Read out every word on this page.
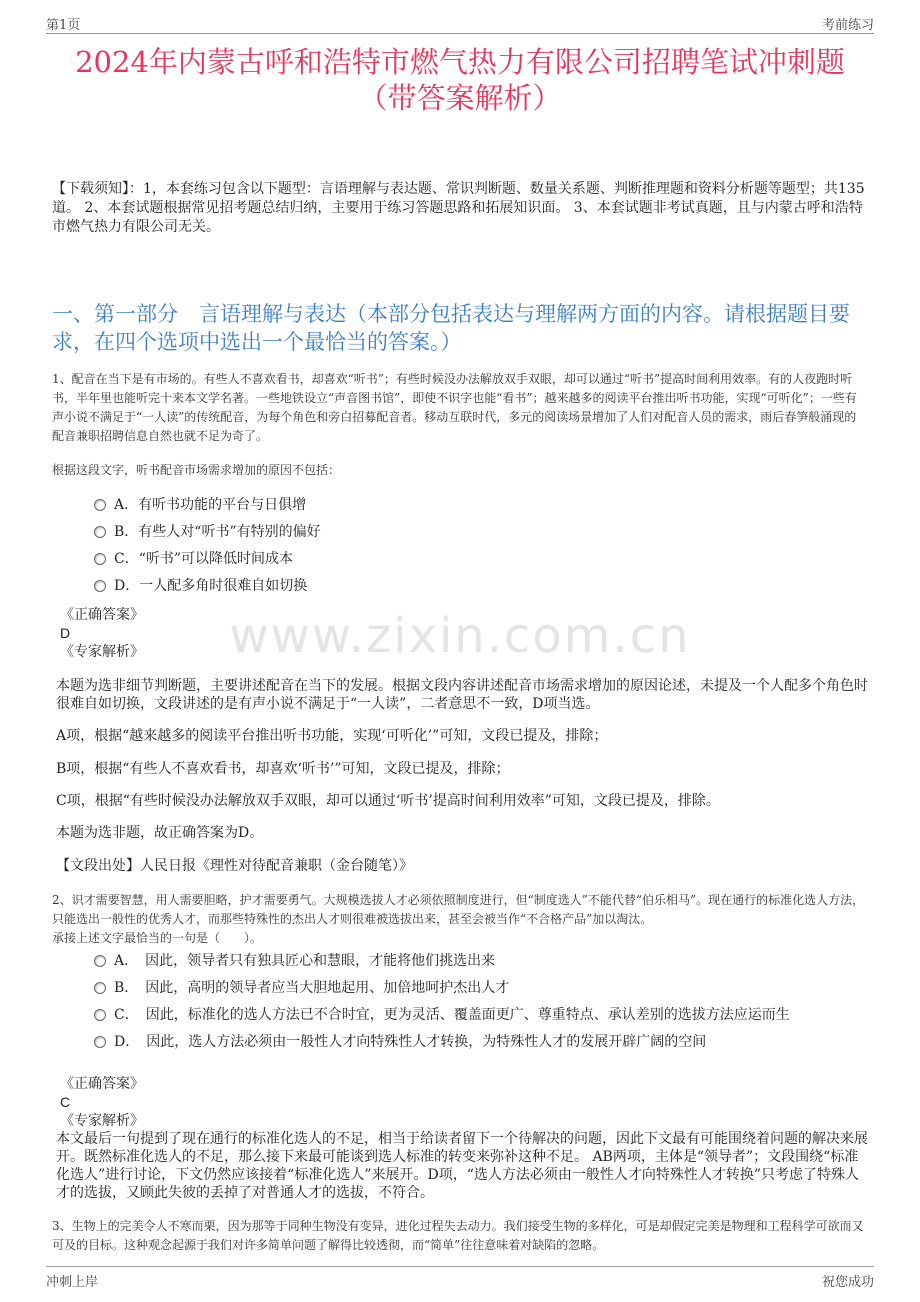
第1页	考前练习
2024年内蒙古呼和浩特市燃气热力有限公司招聘笔试冲刺题
（带答案解析）
【下载须知】：1，本套练习包含以下题型：言语理解与表达题、常识判断题、数量关系题、判断推理题和资料分析题等题型；共135道。 2、本套试题根据常见招考题总结归纳，主要用于练习答题思路和拓展知识面。 3、本套试题非考试真题，且与内蒙古呼和浩特市燃气热力有限公司无关。
一、第一部分　言语理解与表达（本部分包括表达与理解两方面的内容。请根据题目要求，在四个选项中选出一个最恰当的答案。）
www.zixin.com.cn
1、配音在当下是有市场的。有些人不喜欢看书，却喜欢“听书”；有些时候没办法解放双手双眼，却可以通过“听书”提高时间利用效率。有的人夜跑时听书，半年里也能听完十来本文学名著。一些地铁设立“声音图书馆”，即使不识字也能“看书”；越来越多的阅读平台推出听书功能，实现“可听化”；一些有声小说不满足于“一人读”的传统配音，为每个角色和旁白招募配音者。移动互联时代，多元的阅读场景增加了人们对配音人员的需求，雨后春笋般涌现的配音兼职招聘信息自然也就不足为奇了。
根据这段文字，听书配音市场需求增加的原因不包括：
A．有听书功能的平台与日俱增
B．有些人对“听书”有特别的偏好
C．“听书”可以降低时间成本
D．一人配多角时很难自如切换
《正确答案》
D
《专家解析》
本题为选非细节判断题，主要讲述配音在当下的发展。根据文段内容讲述配音市场需求增加的原因论述，未提及一个人配多个角色时很难自如切换，文段讲述的是有声小说不满足于“一人读”，二者意思不一致，D项当选。
A项，根据“越来越多的阅读平台推出听书功能，实现‘可听化’”可知，文段已提及，排除；
B项，根据“有些人不喜欢看书，却喜欢‘听书’”可知，文段已提及，排除；
C项，根据“有些时候没办法解放双手双眼，却可以通过‘听书’提高时间利用效率”可知，文段已提及，排除。
本题为选非题，故正确答案为D。
【文段出处】人民日报《理性对待配音兼职（金台随笔）》
2、识才需要智慧，用人需要胆略，护才需要勇气。大规模选拔人才必须依照制度进行，但“制度选人”不能代替“伯乐相马”。现在通行的标准化选人方法，只能选出一般性的优秀人才，而那些特殊性的杰出人才则很难被选拔出来，甚至会被当作“不合格产品”加以淘汰。
承接上述文字最恰当的一句是（　　）。
A．　因此，领导者只有独具匠心和慧眼，才能将他们挑选出来
B．　因此，高明的领导者应当大胆地起用、加倍地呵护杰出人才
C．　因此，标准化的选人方法已不合时宜，更为灵活、覆盖面更广、尊重特点、承认差别的选拔方法应运而生
D．　因此，选人方法必须由一般性人才向特殊性人才转换，为特殊性人才的发展开辟广阔的空间
《正确答案》
C
《专家解析》
本文最后一句提到了现在通行的标准化选人的不足，相当于给读者留下一个待解决的问题，因此下文最有可能围绕着问题的解决来展开。既然标准化选人的不足，那么接下来最可能谈到选人标准的转变来弥补这种不足。 AB两项，主体是“领导者”；文段围绕“标准化选人”进行讨论，下文仍然应该接着“标准化选人”来展开。D项，“选人方法必须由一般性人才向特殊性人才转换”只考虑了特殊人才的选拔，又顾此失彼的丢掉了对普通人才的选拔，不符合。
3、生物上的完美令人不寒而栗，因为那等于同种生物没有变异，进化过程失去动力。我们接受生物的多样化，可是却假定完美是物理和工程科学可欲而又可及的目标。这种观念起源于我们对许多简单问题了解得比较透彻，而“简单”往往意味着对缺陷的忽略。
冲刺上岸	祝您成功
